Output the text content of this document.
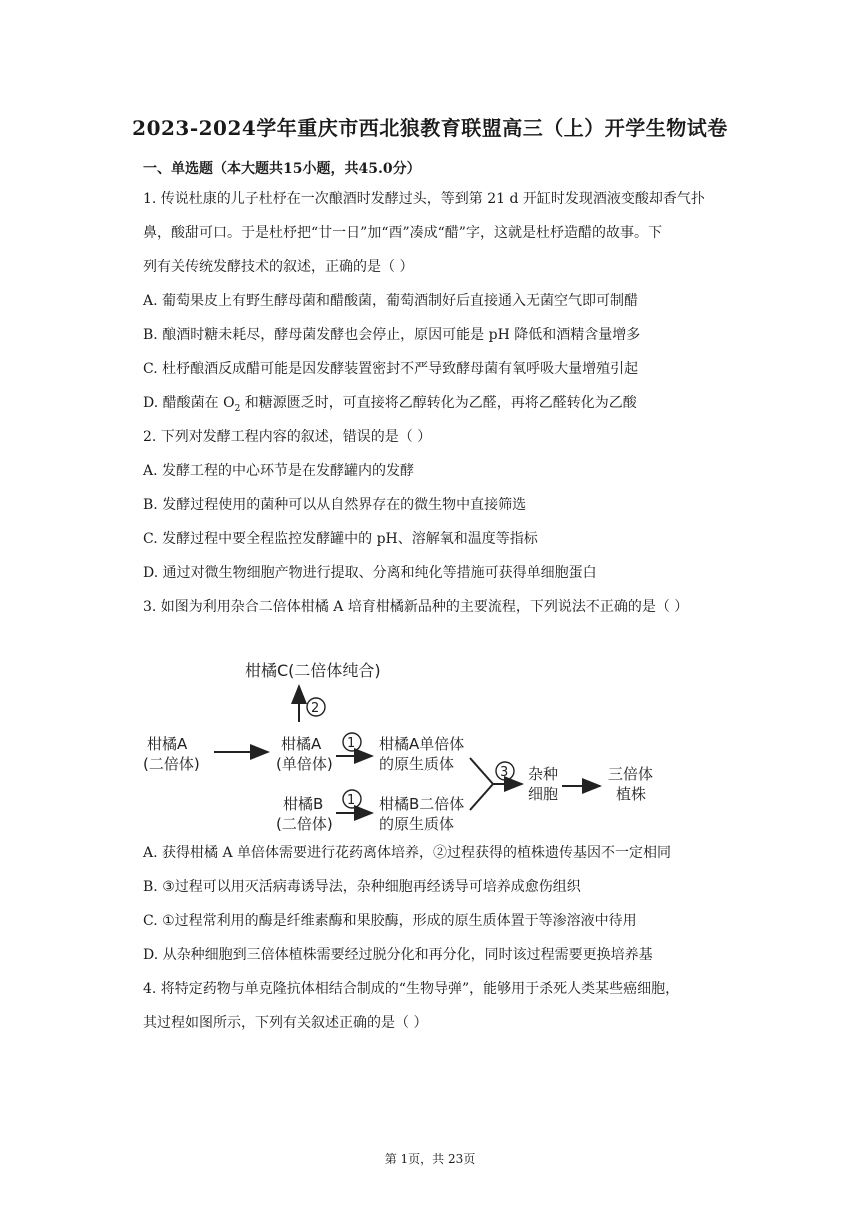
2023-2024学年重庆市西北狼教育联盟高三（上）开学生物试卷
一、单选题（本大题共15小题，共45.0分）
1. 传说杜康的儿子杜杼在一次酿酒时发酵过头，等到第 21 d 开缸时发现酒液变酸却香气扑
鼻，酸甜可口。于是杜杼把“廿一日”加“酉”凑成“醋”字，这就是杜杼造醋的故事。下
列有关传统发酵技术的叙述，正确的是（ ）
A. 葡萄果皮上有野生酵母菌和醋酸菌，葡萄酒制好后直接通入无菌空气即可制醋
B. 酿酒时糖未耗尽，酵母菌发酵也会停止，原因可能是 pH 降低和酒精含量增多
C. 杜杼酿酒反成醋可能是因发酵装置密封不严导致酵母菌有氧呼吸大量增殖引起
D. 醋酸菌在 $O_2$ 和糖源匮乏时，可直接将乙醇转化为乙醛，再将乙醛转化为乙酸
2. 下列对发酵工程内容的叙述，错误的是（ ）
A. 发酵工程的中心环节是在发酵罐内的发酵
B. 发酵过程使用的菌种可以从自然界存在的微生物中直接筛选
C. 发酵过程中要全程监控发酵罐中的 pH、溶解氧和温度等指标
D. 通过对微生物细胞产物进行提取、分离和纯化等措施可获得单细胞蛋白
3. 如图为利用杂合二倍体柑橘 A 培育柑橘新品种的主要流程，下列说法不正确的是（ ）
柑橘C(二倍体纯合)
2
柑橘A
(二倍体)
柑橘A
(单倍体)
1 柑橘A单倍体
的原生质体
柑橘B
(二倍体)
1 柑橘B二倍体
的原生质体
3 杂种
细胞
三倍体
植株
A. 获得柑橘 A 单倍体需要进行花药离体培养，②过程获得的植株遗传基因不一定相同
B. ③过程可以用灭活病毒诱导法，杂种细胞再经诱导可培养成愈伤组织
C. ①过程常利用的酶是纤维素酶和果胶酶，形成的原生质体置于等渗溶液中待用
D. 从杂种细胞到三倍体植株需要经过脱分化和再分化，同时该过程需要更换培养基
4. 将特定药物与单克隆抗体相结合制成的“生物导弹”，能够用于杀死人类某些癌细胞，
其过程如图所示，下列有关叙述正确的是（ ）
第 1页，共 23页
